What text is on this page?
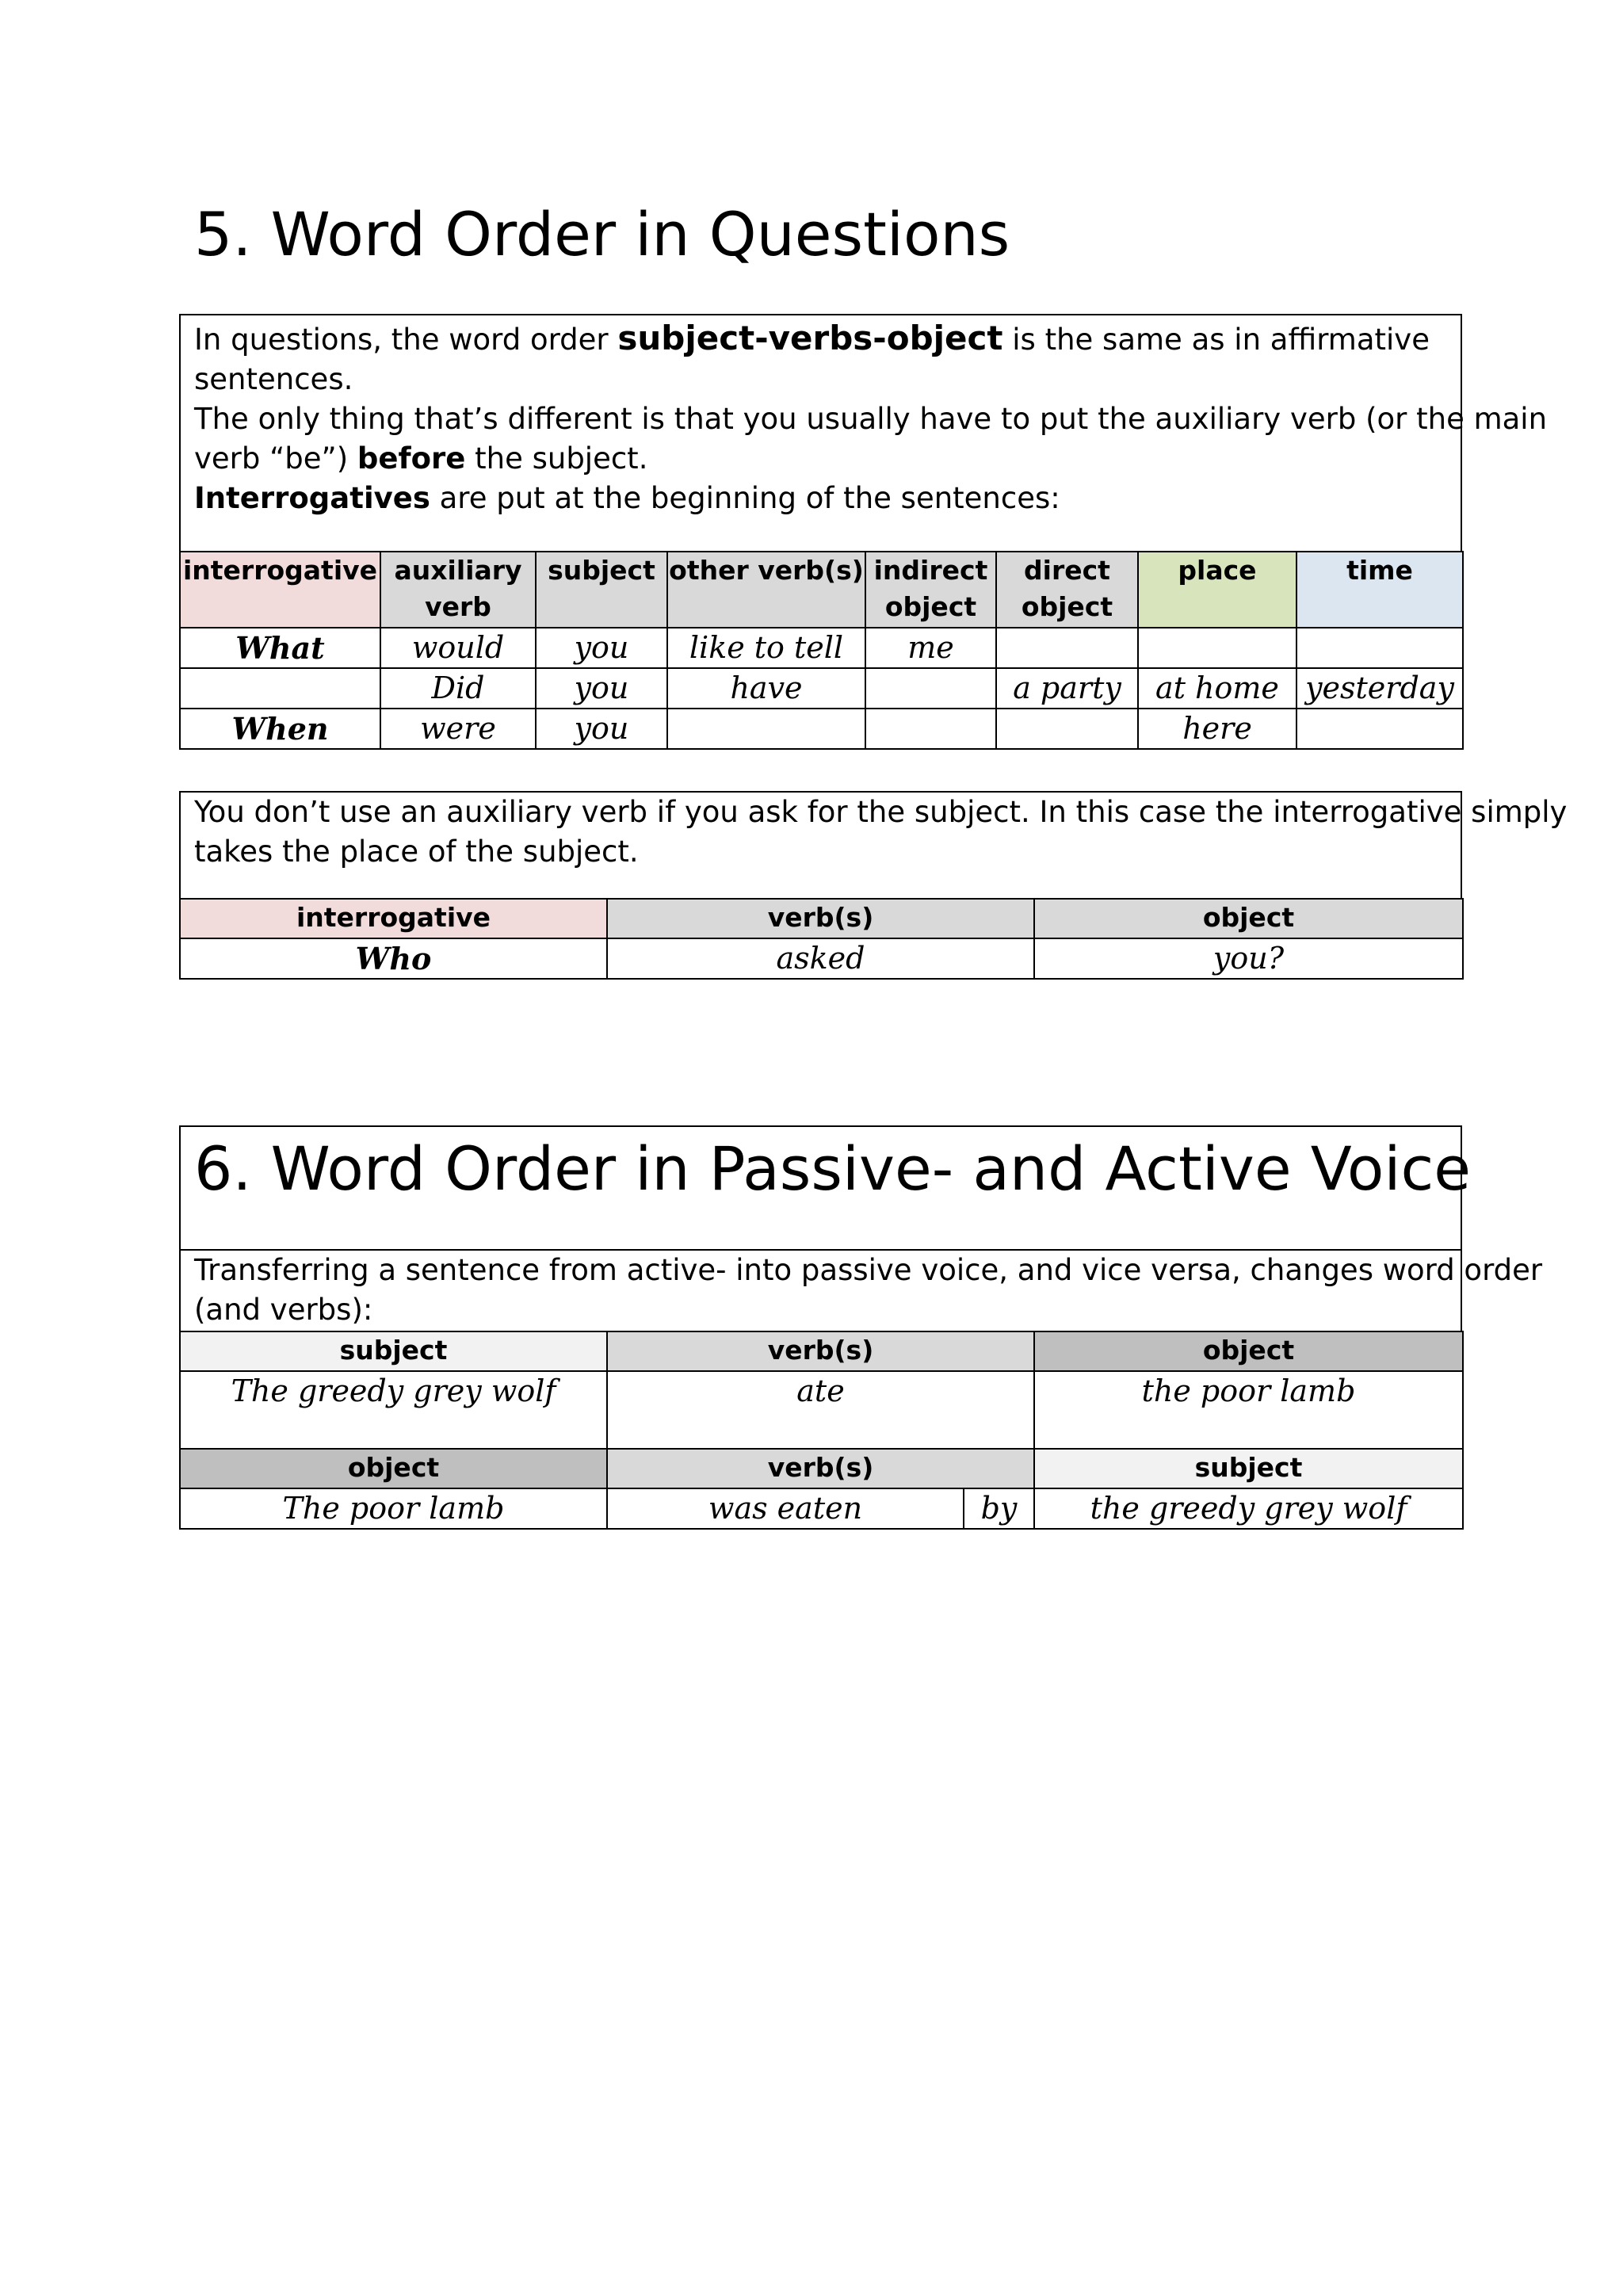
5. Word Order in Questions
In questions, the word order subject-verbs-object is the same as in affirmative
sentences.
The only thing that’s different is that you usually have to put the auxiliary verb (or the main
verb “be”) before the subject.
Interrogatives are put at the beginning of the sentences:
interrogative	auxiliary verb	subject	other verb(s)	indirect object	direct object	place	time
What	would	you	like to tell	me			
	Did	you	have		a party	at home	yesterday
When	were	you				here	
You don’t use an auxiliary verb if you ask for the subject. In this case the interrogative simply
takes the place of the subject.
interrogative	verb(s)	object
Who	asked	you?
6. Word Order in Passive- and Active Voice
Transferring a sentence from active- into passive voice, and vice versa, changes word order
(and verbs):
subject	verb(s)	object
The greedy grey wolf	ate	the poor lamb
object	verb(s)		subject
The poor lamb	was eaten	by	the greedy grey wolf
